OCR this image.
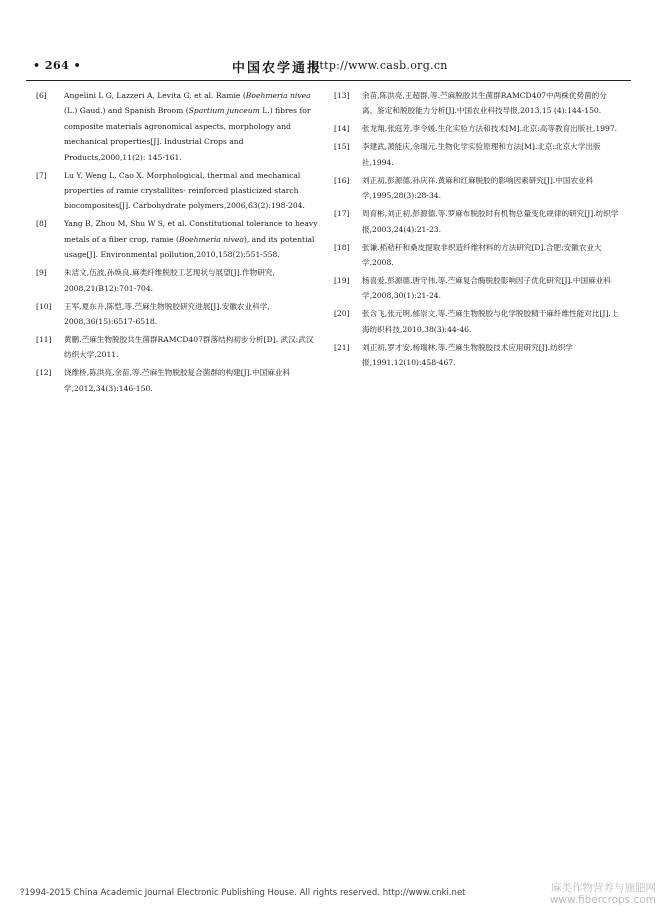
• 264 •	中国农学通报
http://www.casb.org.cn
[6] Angelini L G, Lazzeri A, Levita G, et al. Ramie (Boehmeria nivea (L.) Gaud.) and Spanish Broom (Spartium junceum L.) fibres for composite materials agronomical aspects, morphology and mechanical properties[J]. Industrial Crops and Products,2000,11(2): 145-161.
[7] Lu Y, Weng L, Cao X. Morphological, thermal and mechanical properties of ramie crystallites- reinforced plasticized starch biocomposites[J]. Carbohydrate polymers,2006,63(2):198-204.
[8] Yang B, Zhou M, Shu W S, et al. Constitutional tolerance to heavy metals of a fiber crop, ramie (Boehmeria nivea), and its potential usage[J]. Environmental pollution,2010,158(2):551-558.
[9] 朱洁文,伍波,孙焕良.麻类纤维脱胶工艺现状与展望[J].作物研究, 2008,21(B12):701-704.
[10] 王军,夏东升,陈恺,等.苎麻生物脱胶研究进展[J].安徽农业科学, 2008,36(15):6517-6518.
[11] 黄鹏.苎麻生物脱胶共生菌群RAMCD407群落结构初步分析[D]. 武汉:武汉纺织大学,2011.
[12] 饶维桥,陈洪亮,余苗,等.苎麻生物脱胶复合菌群的构建[J].中国麻业科学,2012,34(3):146-150.
[13] 余苗,陈洪亮,王超群,等.苎麻脱胶共生菌群RAMCD407中两株优势菌的分离、鉴定和脱胶能力分析[J].中国农业科技导报,2013,15 (4):144-150.
[14] 张龙翔,张庭芳,李令媛.生化实验方法和技术[M].北京:高等教育出版社,1997.
[15] 李建武,萧能庆,余瑞元.生物化学实验原理和方法[M].北京:北京大学出版社,1994.
[16] 刘正初,彭源德,孙庆祥.黄麻和红麻脱胶的影响因素研究[J].中国农业科学,1995,28(3):28-34.
[17] 周育彬,刘正初,彭源德,等.罗麻布脱胶时有机物总量变化规律的研究[J].纺织学报,2003,24(4):21-23.
[18] 张谦.稻秸秆和桑皮提取非织造纤维材料的方法研究[D].合肥:安徽农业大学,2008.
[19] 杨喜爱,彭源德,唐守伟,等.苎麻复合酶脱胶影响因子优化研究[J].中国麻业科学,2008,30(1):21-24.
[20] 张含飞,张元明,郁崇文,等.苎麻生物脱胶与化学脱胶精干麻纤维性能对比[J].上海纺织科技,2010,38(3):44-46.
[21] 刘正初,罗才安,杨瑞林,等.苎麻生物脱胶技术应用研究[J].纺织学报,1991,12(10):458-467.
?1994-2015 China Academic Journal Electronic Publishing House. All rights reserved. http://www.cnki.net	麻类作物营养与施肥网
www.fibercrops.com
